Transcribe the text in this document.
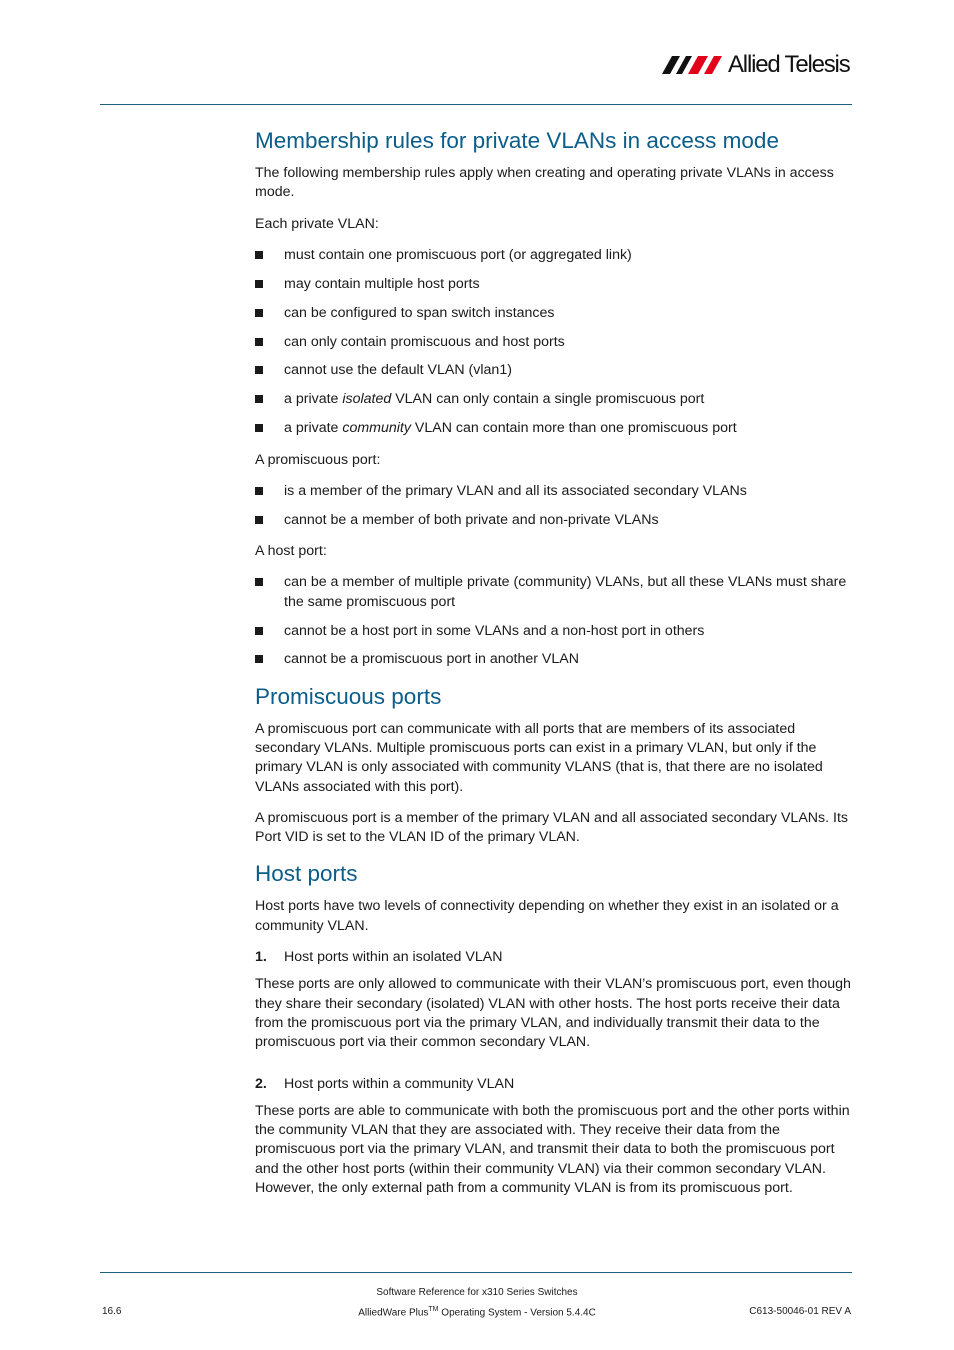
Allied Telesis
Membership rules for private VLANs in access mode

The following membership rules apply when creating and operating private VLANs in access mode.

Each private VLAN:

must contain one promiscuous port (or aggregated link)
may contain multiple host ports
can be configured to span switch instances
can only contain promiscuous and host ports
cannot use the default VLAN (vlan1)
a private isolated VLAN can only contain a single promiscuous port
a private community VLAN can contain more than one promiscuous port

A promiscuous port:

is a member of the primary VLAN and all its associated secondary VLANs
cannot be a member of both private and non-private VLANs

A host port:

can be a member of multiple private (community) VLANs, but all these VLANs must share the same promiscuous port
cannot be a host port in some VLANs and a non-host port in others
cannot be a promiscuous port in another VLAN
Promiscuous ports

A promiscuous port can communicate with all ports that are members of its associated secondary VLANs. Multiple promiscuous ports can exist in a primary VLAN, but only if the primary VLAN is only associated with community VLANS (that is, that there are no isolated VLANs associated with this port).

A promiscuous port is a member of the primary VLAN and all associated secondary VLANs. Its Port VID is set to the VLAN ID of the primary VLAN.

Host ports

Host ports have two levels of connectivity depending on whether they exist in an isolated or a community VLAN.

1. Host ports within an isolated VLAN

These ports are only allowed to communicate with their VLAN’s promiscuous port, even though they share their secondary (isolated) VLAN with other hosts. The host ports receive their data from the promiscuous port via the primary VLAN, and individually transmit their data to the promiscuous port via their common secondary VLAN.

2. Host ports within a community VLAN

These ports are able to communicate with both the promiscuous port and the other ports within the community VLAN that they are associated with. They receive their data from the promiscuous port via the primary VLAN, and transmit their data to both the promiscuous port and the other host ports (within their community VLAN) via their common secondary VLAN. However, the only external path from a community VLAN is from its promiscuous port.

Software Reference for x310 Series Switches
16.6	AlliedWare Plus™ Operating System - Version 5.4.4C	C613-50046-01 REV A
